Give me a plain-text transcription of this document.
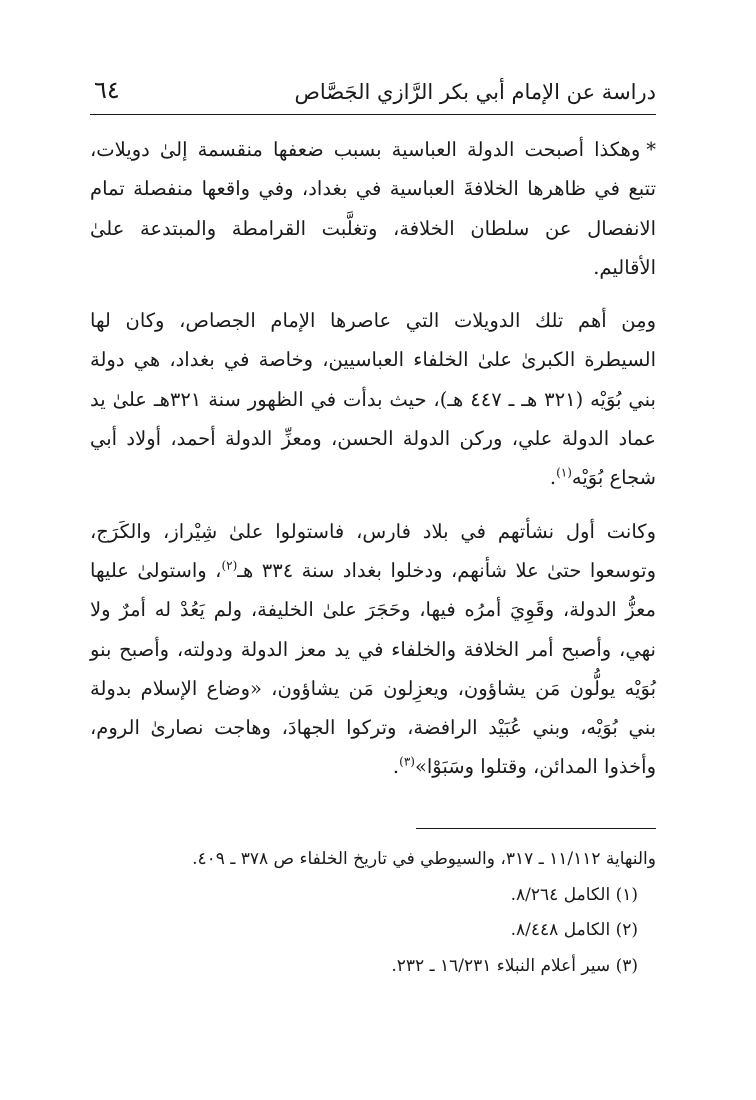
دراسة عن الإمام أبي بكر الرَّازي الجَصَّاص
٦٤

*وهكذا أصبحت الدولة العباسية بسبب ضعفها منقسمة إلىٰ دويلات، تتبع في ظاهرها الخلافةَ العباسية في بغداد، وفي واقعها منفصلة تمام الانفصال عن سلطان الخلافة، وتغلَّبت القرامطة والمبتدعة علىٰ الأقاليم.

ومِن أهم تلك الدويلات التي عاصرها الإمام الجصاص، وكان لها السيطرة الكبرىٰ علىٰ الخلفاء العباسيين، وخاصة في بغداد، هي دولة بني بُوَيْه (٣٢١ هـ ـ ٤٤٧ هـ)، حيث بدأت في الظهور سنة ٣٢١هـ علىٰ يد عماد الدولة علي، وركن الدولة الحسن، ومعزِّ الدولة أحمد، أولاد أبي شجاع بُوَيْه$^{(١)}$.

وكانت أول نشأتهم في بلاد فارس، فاستولوا علىٰ شِيْراز، والكَرَج، وتوسعوا حتىٰ علا شأنهم، ودخلوا بغداد سنة ٣٣٤ هـ$^{(٢)}$، واستولىٰ عليها معزُّ الدولة، وقَوِيَ أمرُه فيها، وحَجَرَ علىٰ الخليفة، ولم يَعُدْ له أمرٌ ولا نهي، وأصبح أمر الخلافة والخلفاء في يد معز الدولة ودولته، وأصبح بنو بُوَيْه يولُّون مَن يشاؤون، ويعزِلون مَن يشاؤون، «وضاع الإسلام بدولة بني بُوَيْه، وبني عُبَيْد الرافضة، وتركوا الجهادَ، وهاجت نصارىٰ الروم، وأخذوا المدائن، وقتلوا وسَبَوْا»$^{(٣)}$.

والنهاية ١١/١١٢ ـ ٣١٧، والسيوطي في تاريخ الخلفاء ص ٣٧٨ ـ ٤٠٩.

(١) الكامل ٨/٢٦٤.

(٢) الكامل ٨/٤٤٨.

(٣) سير أعلام النبلاء ١٦/٢٣١ ـ ٢٣٢.
